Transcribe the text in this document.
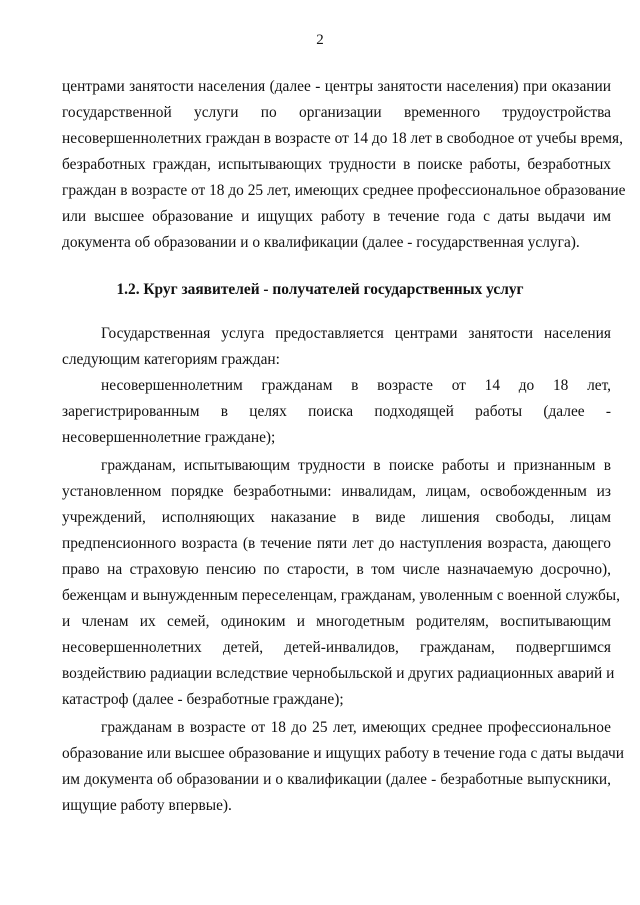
2
центрами занятости населения (далее - центры занятости населения) при оказании
государственной услуги по организации временного трудоустройства
несовершеннолетних граждан в возрасте от 14 до 18 лет в свободное от учебы время,
безработных граждан, испытывающих трудности в поиске работы, безработных
граждан в возрасте от 18 до 25 лет, имеющих среднее профессиональное образование
или высшее образование и ищущих работу в течение года с даты выдачи им
документа об образовании и о квалификации (далее - государственная услуга).
1.2. Круг заявителей - получателей государственных услуг
Государственная услуга предоставляется центрами занятости населения
следующим категориям граждан:
несовершеннолетним гражданам в возрасте от 14 до 18 лет,
зарегистрированным в целях поиска подходящей работы (далее -
несовершеннолетние граждане);
гражданам, испытывающим трудности в поиске работы и признанным в
установленном порядке безработными: инвалидам, лицам, освобожденным из
учреждений, исполняющих наказание в виде лишения свободы, лицам
предпенсионного возраста (в течение пяти лет до наступления возраста, дающего
право на страховую пенсию по старости, в том числе назначаемую досрочно),
беженцам и вынужденным переселенцам, гражданам, уволенным с военной службы,
и членам их семей, одиноким и многодетным родителям, воспитывающим
несовершеннолетних детей, детей-инвалидов, гражданам, подвергшимся
воздействию радиации вследствие чернобыльской и других радиационных аварий и
катастроф (далее - безработные граждане);
гражданам в возрасте от 18 до 25 лет, имеющих среднее профессиональное
образование или высшее образование и ищущих работу в течение года с даты выдачи
им документа об образовании и о квалификации (далее - безработные выпускники,
ищущие работу впервые).
